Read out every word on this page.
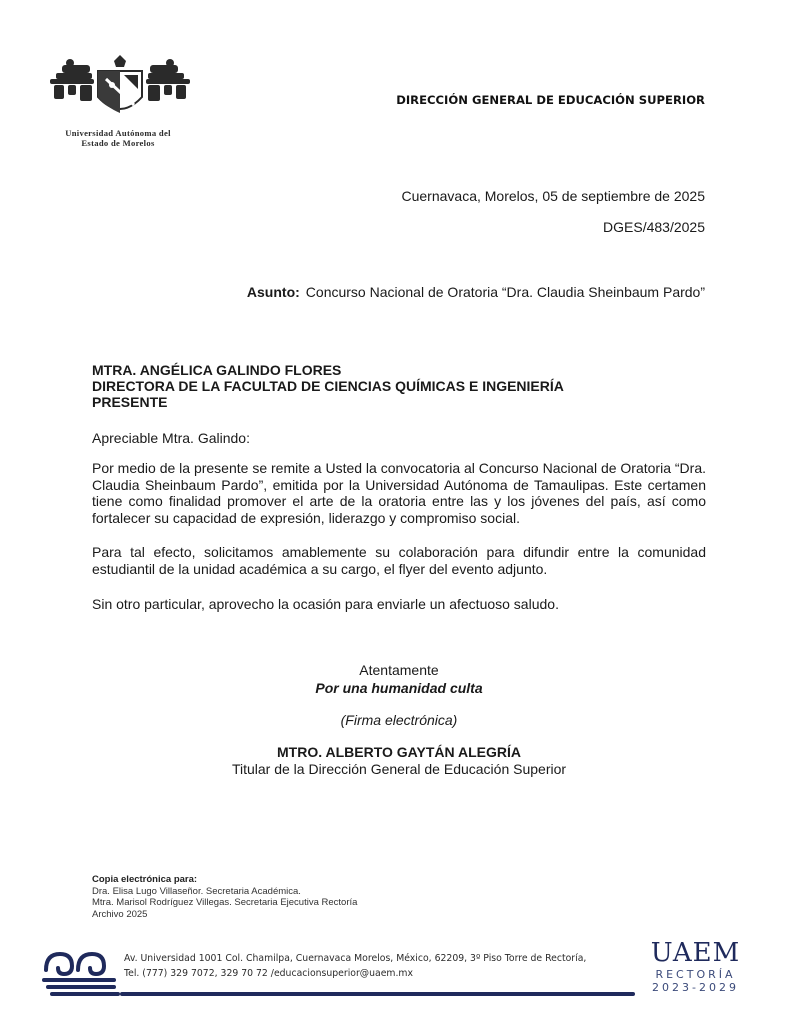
Universidad Autónoma del
Estado de Morelos
DIRECCIÓN GENERAL DE EDUCACIÓN SUPERIOR
Cuernavaca, Morelos, 05 de septiembre de 2025
DGES/483/2025
Asunto: Concurso Nacional de Oratoria “Dra. Claudia Sheinbaum Pardo”
MTRA. ANGÉLICA GALINDO FLORES
DIRECTORA DE LA FACULTAD DE CIENCIAS QUÍMICAS E INGENIERÍA
PRESENTE
Apreciable Mtra. Galindo:
Por medio de la presente se remite a Usted la convocatoria al Concurso Nacional de Oratoria “Dra. Claudia Sheinbaum Pardo”, emitida por la Universidad Autónoma de Tamaulipas. Este certamen tiene como finalidad promover el arte de la oratoria entre las y los jóvenes del país, así como fortalecer su capacidad de expresión, liderazgo y compromiso social.
Para tal efecto, solicitamos amablemente su colaboración para difundir entre la comunidad estudiantil de la unidad académica a su cargo, el flyer del evento adjunto.
Sin otro particular, aprovecho la ocasión para enviarle un afectuoso saludo.
Atentamente
Por una humanidad culta
(Firma electrónica)
MTRO. ALBERTO GAYTÁN ALEGRÍA
Titular de la Dirección General de Educación Superior
Copia electrónica para:
Dra. Elisa Lugo Villaseñor. Secretaria Académica.
Mtra. Marisol Rodríguez Villegas. Secretaria Ejecutiva Rectoría
Archivo 2025
Av. Universidad 1001 Col. Chamilpa, Cuernavaca Morelos, México, 62209, 3º Piso Torre de Rectoría,
Tel. (777) 329 7072, 329 70 72 /educacionsuperior@uaem.mx
UAEM
RECTORÍA
2023-2029
